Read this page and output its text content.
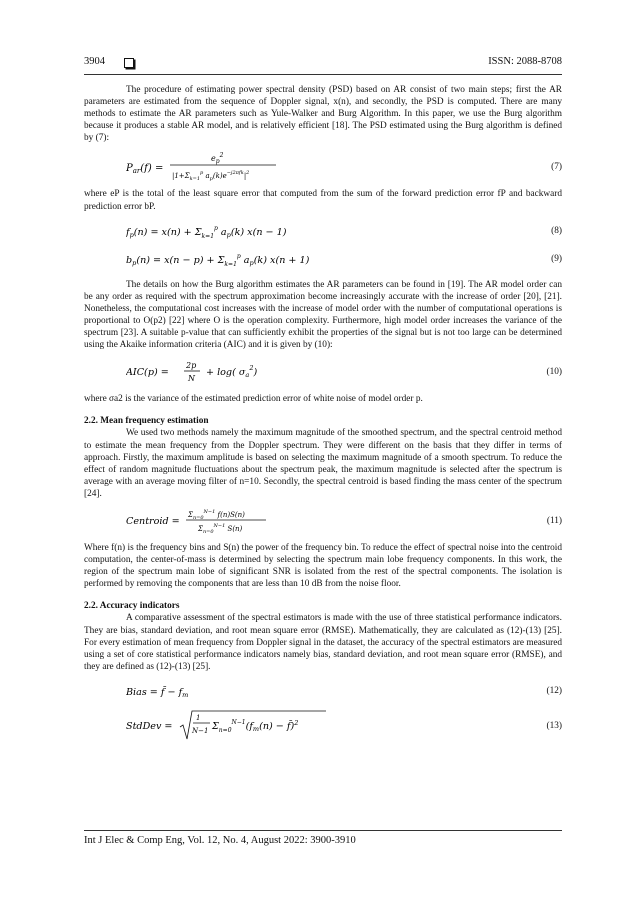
3904	ISSN: 2088-8708

The procedure of estimating power spectral density (PSD) based on AR consist of two main steps; first the AR parameters are estimated from the sequence of Doppler signal, x(n), and secondly, the PSD is computed. There are many methods to estimate the AR parameters such as Yule-Walker and Burg Algorithm. In this paper, we use the Burg algorithm because it produces a stable AR model, and is relatively efficient [18]. The PSD estimated using the Burg algorithm is defined by (7):

$P_{ar}(f)$ =
$e_p^2$
$|1+\Sigma_{k=1}^p$ $a_p(k)e^{-j2\pi fk}|^2$
(7)

where eP is the total of the least square error that computed from the sum of the forward prediction error fP and backward prediction error bP.

$f_p(n) = x(n) + \Sigma_{k=1}^p$ $a_p(k) x(n - 1)$	(8)
$b_p(n) = x(n - p) + \Sigma_{k=1}^p$ $a_p(k) x(n + 1)$	(9)

The details on how the Burg algorithm estimates the AR parameters can be found in [19]. The AR model order can be any order as required with the spectrum approximation become increasingly accurate with the increase of order [20], [21]. Nonetheless, the computational cost increases with the increase of model order with the number of computational operations is proportional to O(p2) [22] where O is the operation complexity. Furthermore, high model order increases the variance of the spectrum [23]. A suitable p-value that can sufficiently exhibit the properties of the signal but is not too large can be determined using the Akaike information criteria (AIC) and it is given by (10):

AIC(p) =
2p
N
+ log( $\sigma_a^2$)	(10)

where σa2 is the variance of the estimated prediction error of white noise of model order p.

2.2. Mean frequency estimation

We used two methods namely the maximum magnitude of the smoothed spectrum, and the spectral centroid method to estimate the mean frequency from the Doppler spectrum. They were different on the basis that they differ in terms of approach. Firstly, the maximum amplitude is based on selecting the maximum magnitude of a smooth spectrum. To reduce the effect of random magnitude fluctuations about the spectrum peak, the maximum magnitude is selected after the spectrum is average with an average moving filter of n=10. Secondly, the spectral centroid is based finding the mass center of the spectrum [24].

Centroid =
$\Sigma_{n=0}^{N-1}$ f(n)S(n)
$\Sigma_{n=0}^{N-1}$ S(n)
(11)

Where f(n) is the frequency bins and S(n) the power of the frequency bin. To reduce the effect of spectral noise into the centroid computation, the center-of-mass is determined by selecting the spectrum main lobe frequency components. In this work, the region of the spectrum main lobe of significant SNR is isolated from the rest of the spectral components. The isolation is performed by removing the components that are less than 10 dB from the noise floor.

2.2. Accuracy indicators

A comparative assessment of the spectral estimators is made with the use of three statistical performance indicators. They are bias, standard deviation, and root mean square error (RMSE). Mathematically, they are calculated as (12)-(13) [25]. For every estimation of mean frequency from Doppler signal in the dataset, the accuracy of the spectral estimators are measured using a set of core statistical performance indicators namely bias, standard deviation, and root mean square error (RMSE), and they are defined as (12)-(13) [25].

Bias = f̄ − $f_m$	(12)
StdDev =
1
N−1 $\Sigma_{n=0}^{N-1}(f_m(n)$ − f̄)$^2$	(13)
Int J Elec & Comp Eng, Vol. 12, No. 4, August 2022: 3900-3910
